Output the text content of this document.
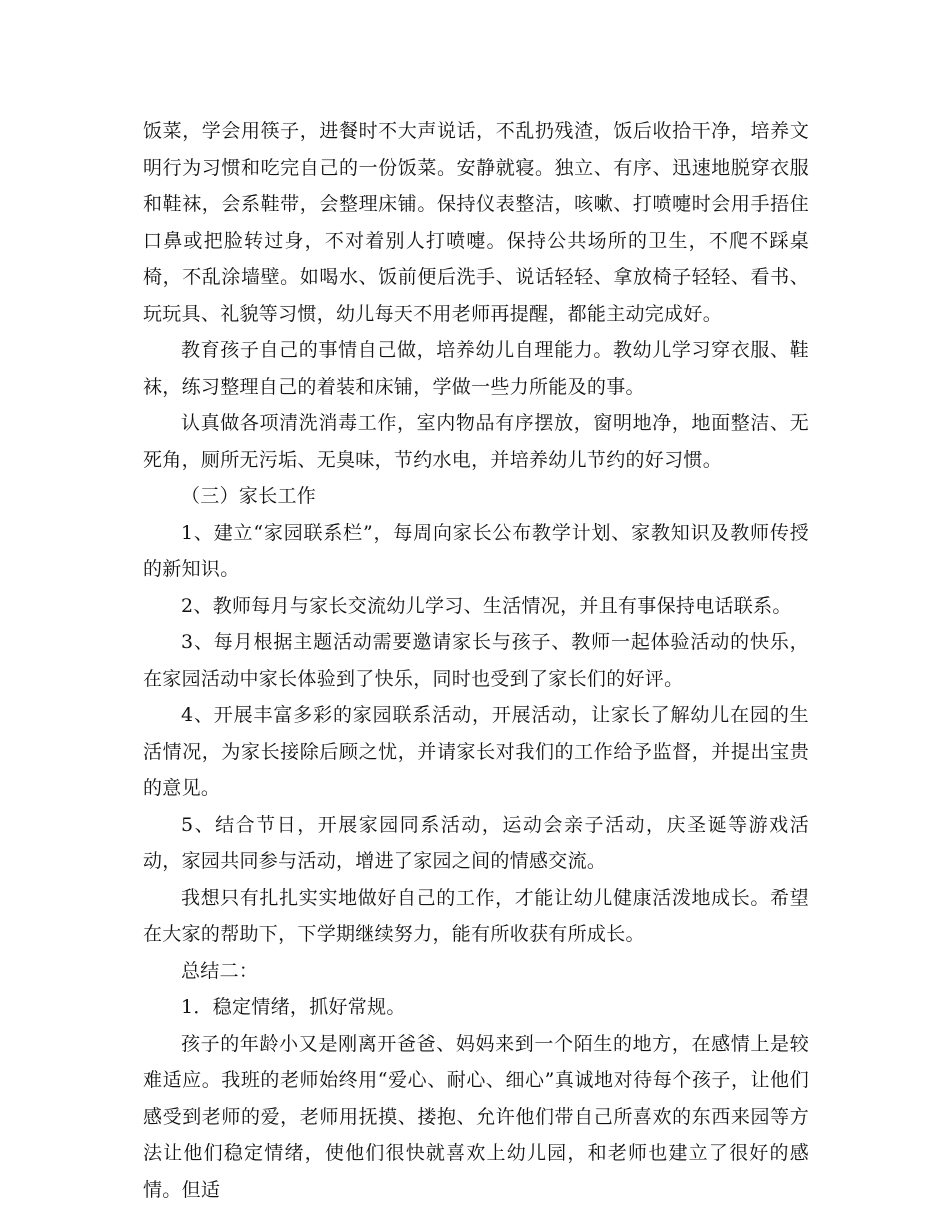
饭菜，学会用筷子，进餐时不大声说话，不乱扔残渣，饭后收拾干净，培养文明行为习惯和吃完自己的一份饭菜。安静就寝。独立、有序、迅速地脱穿衣服和鞋袜，会系鞋带，会整理床铺。保持仪表整洁，咳嗽、打喷嚏时会用手捂住口鼻或把脸转过身，不对着别人打喷嚏。保持公共场所的卫生，不爬不踩桌椅，不乱涂墙壁。如喝水、饭前便后洗手、说话轻轻、拿放椅子轻轻、看书、玩玩具、礼貌等习惯，幼儿每天不用老师再提醒，都能主动完成好。

教育孩子自己的事情自己做，培养幼儿自理能力。教幼儿学习穿衣服、鞋袜，练习整理自己的着装和床铺，学做一些力所能及的事。

认真做各项清洗消毒工作，室内物品有序摆放，窗明地净，地面整洁、无死角，厕所无污垢、无臭味，节约水电，并培养幼儿节约的好习惯。

（三）家长工作

1、建立“家园联系栏”，每周向家长公布教学计划、家教知识及教师传授的新知识。

2、教师每月与家长交流幼儿学习、生活情况，并且有事保持电话联系。

3、每月根据主题活动需要邀请家长与孩子、教师一起体验活动的快乐，在家园活动中家长体验到了快乐，同时也受到了家长们的好评。

4、开展丰富多彩的家园联系活动，开展活动，让家长了解幼儿在园的生活情况，为家长接除后顾之忧，并请家长对我们的工作给予监督，并提出宝贵的意见。

5、结合节日，开展家园同系活动，运动会亲子活动，庆圣诞等游戏活动，家园共同参与活动，增进了家园之间的情感交流。

我想只有扎扎实实地做好自己的工作，才能让幼儿健康活泼地成长。希望在大家的帮助下，下学期继续努力，能有所收获有所成长。

总结二：

1．稳定情绪，抓好常规。

孩子的年龄小又是刚离开爸爸、妈妈来到一个陌生的地方，在感情上是较难适应。我班的老师始终用“爱心、耐心、细心”真诚地对待每个孩子，让他们感受到老师的爱，老师用抚摸、搂抱、允许他们带自己所喜欢的东西来园等方法让他们稳定情绪，使他们很快就喜欢上幼儿园，和老师也建立了很好的感情。但适
